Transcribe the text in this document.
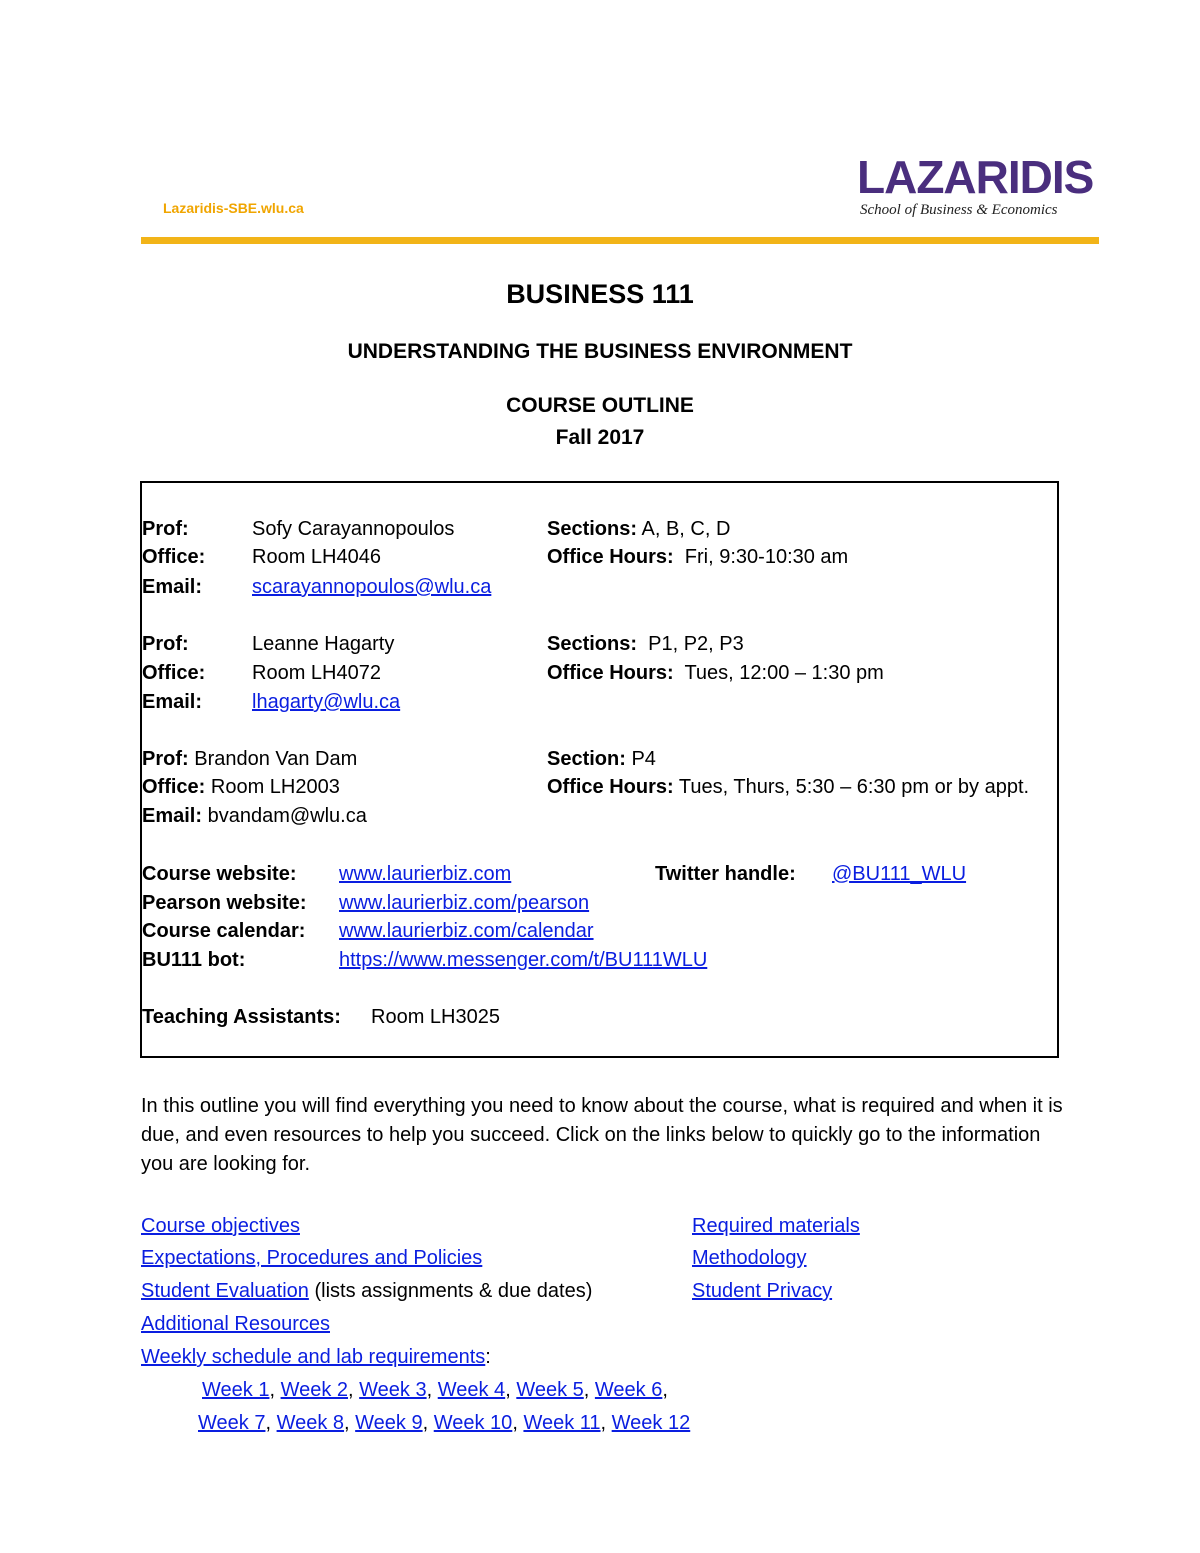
Lazaridis-SBE.wlu.ca
LAZARIDIS
School of Business & Economics
BUSINESS 111
UNDERSTANDING THE BUSINESS ENVIRONMENT
COURSE OUTLINE
Fall 2017
Prof:	Sofy Carayannopoulos	Sections: A, B, C, D
Office: Room LH4046	Office Hours:  Fri, 9:30-10:30 am
Email: scarayannopoulos@wlu.ca
Prof:	Leanne Hagarty	Sections:  P1, P2, P3
Office: Room LH4072	Office Hours:  Tues, 12:00 – 1:30 pm
Email: lhagarty@wlu.ca
Prof: Brandon Van Dam	Section: P4
Office: Room LH2003	Office Hours: Tues, Thurs, 5:30 – 6:30 pm or by appt.
Email: bvandam@wlu.ca
Course website: www.laurierbiz.com	Twitter handle: @BU111_WLU
Pearson website: www.laurierbiz.com/pearson
Course calendar: www.laurierbiz.com/calendar
BU111 bot:	https://www.messenger.com/t/BU111WLU
Teaching Assistants: Room LH3025
In this outline you will find everything you need to know about the course, what is required and when it is due, and even resources to help you succeed. Click on the links below to quickly go to the information you are looking for.
Course objectives	Required materials
Expectations, Procedures and Policies	Methodology
Student Evaluation (lists assignments & due dates)	Student Privacy
Additional Resources
Weekly schedule and lab requirements:
Week 1, Week 2, Week 3, Week 4, Week 5, Week 6,
Week 7, Week 8, Week 9, Week 10, Week 11, Week 12
